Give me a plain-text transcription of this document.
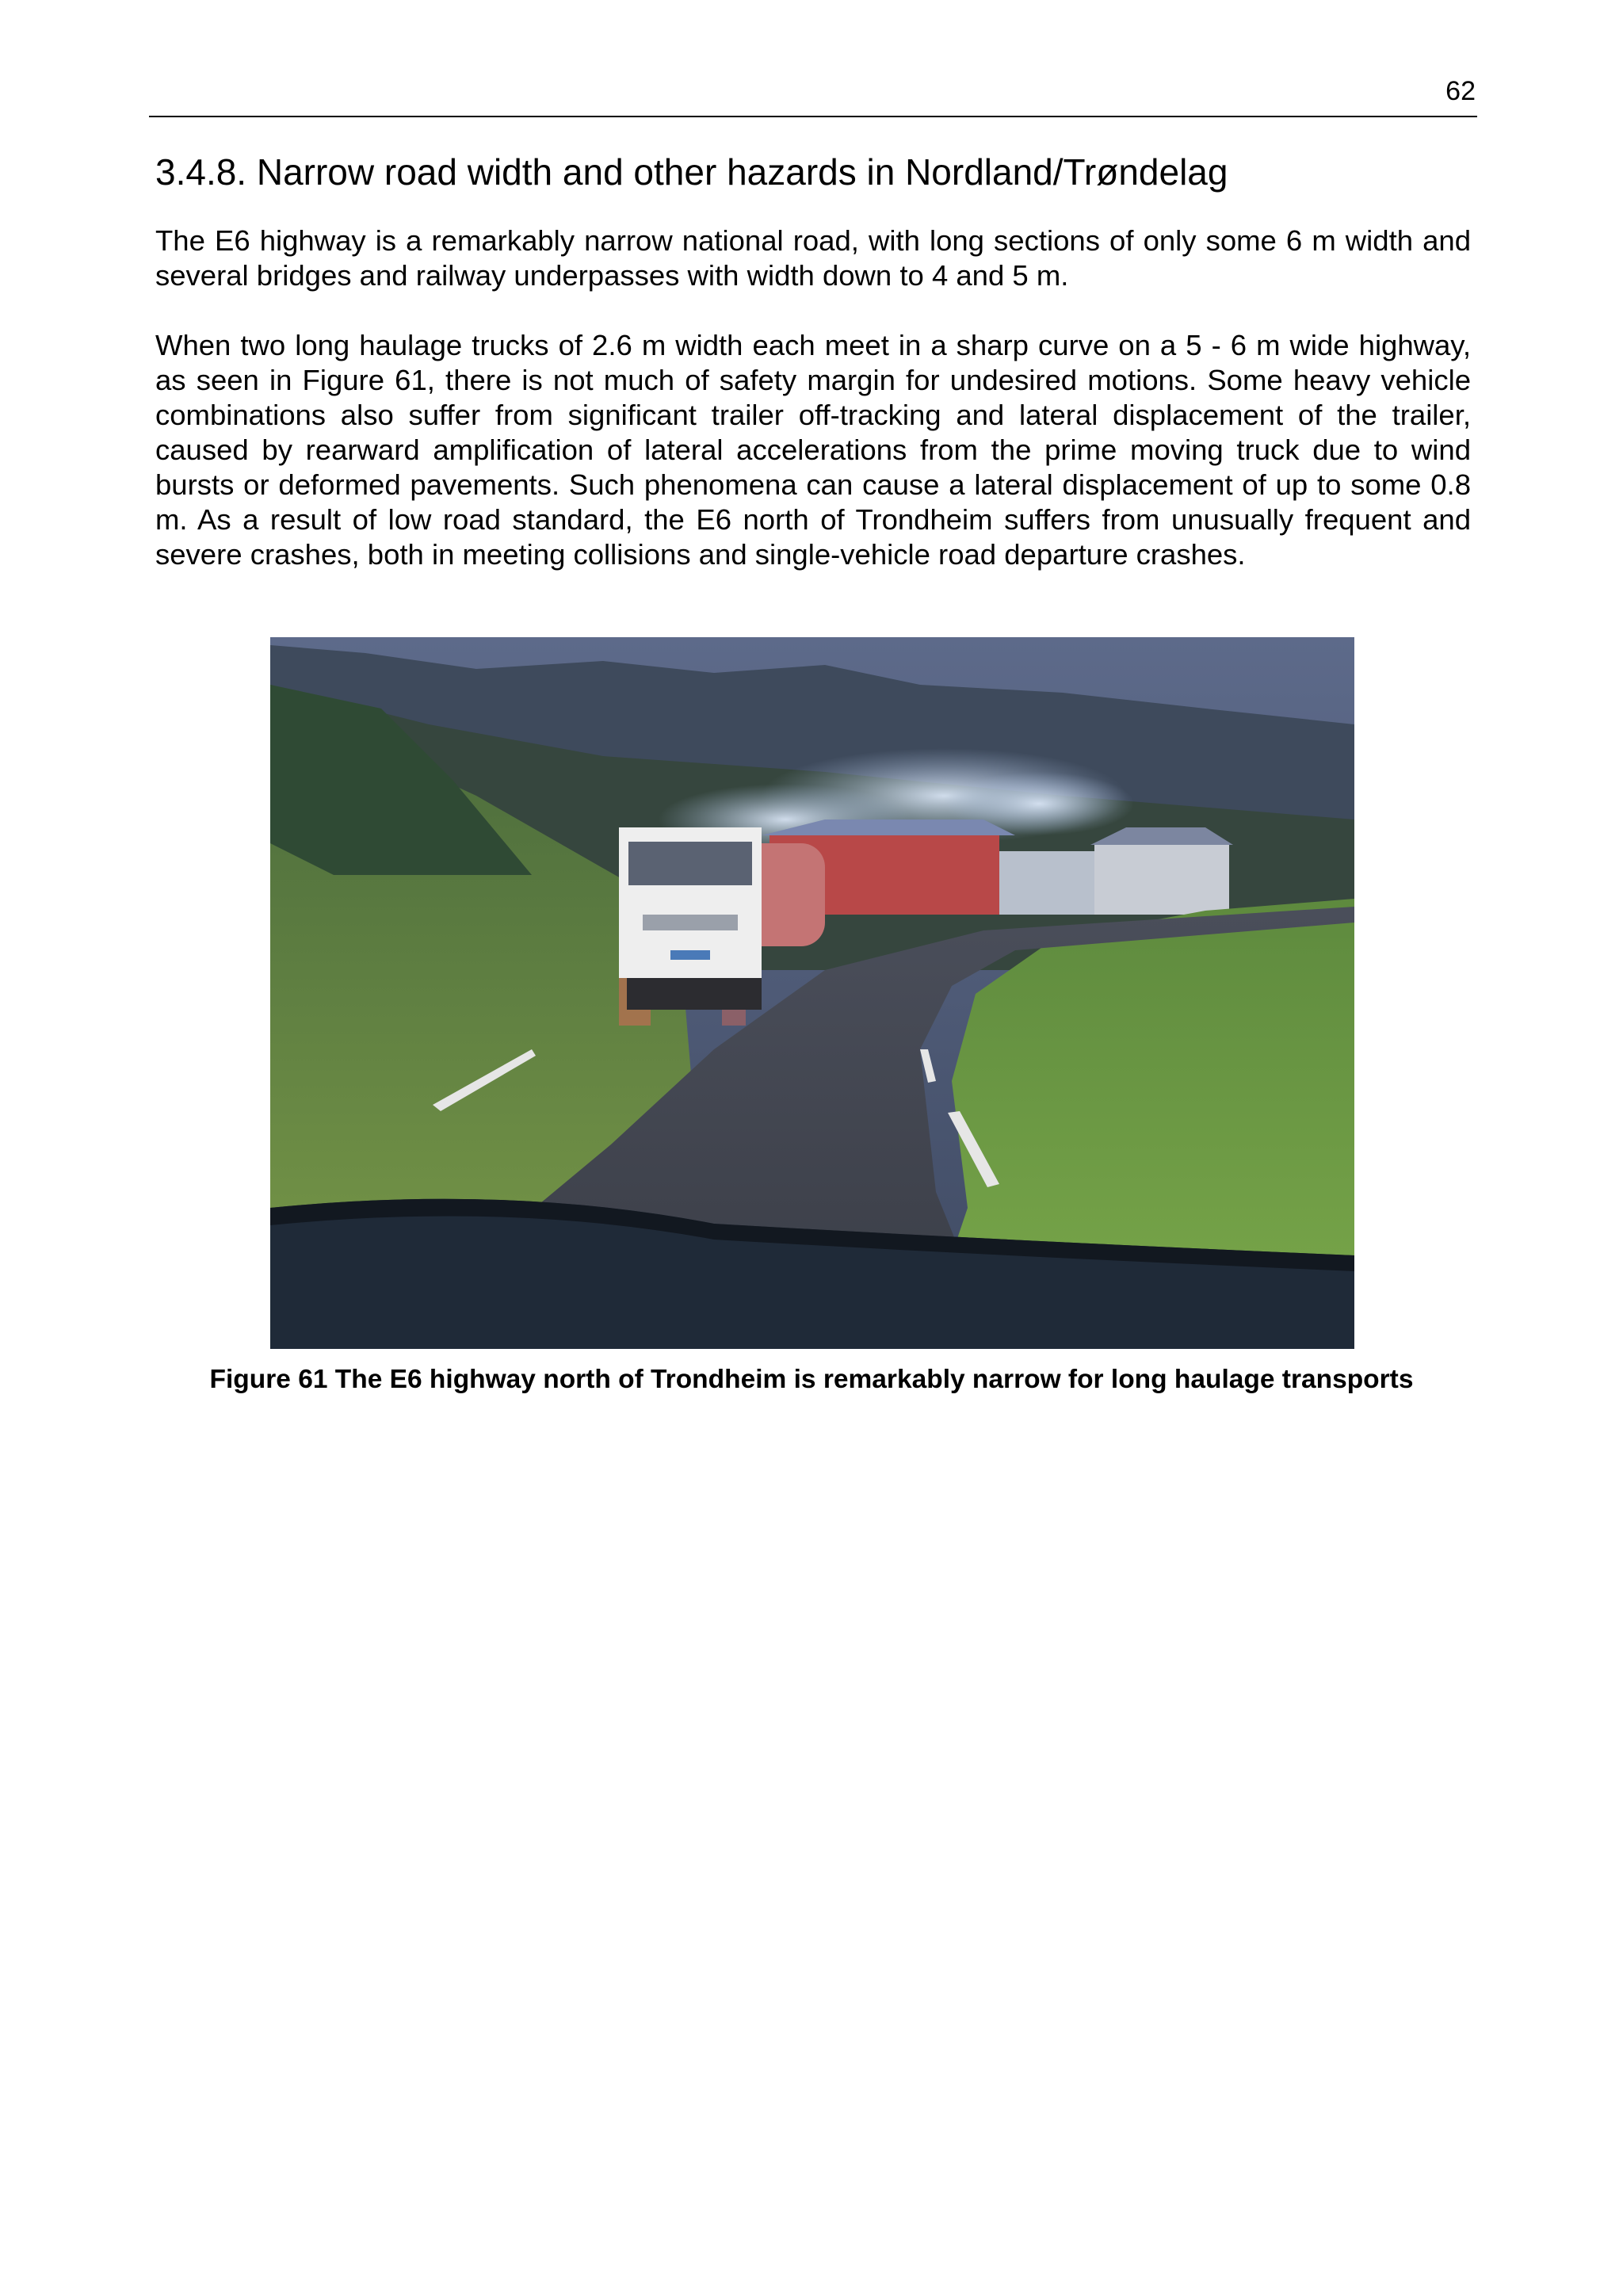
62
3.4.8. Narrow road width and other hazards in Nordland/Trøndelag

The E6 highway is a remarkably narrow national road, with long sections of only some 6 m width and several bridges and railway underpasses with width down to 4 and 5 m.

When two long haulage trucks of 2.6 m width each meet in a sharp curve on a 5 - 6 m wide highway, as seen in Figure 61, there is not much of safety margin for undesired motions. Some heavy vehicle combinations also suffer from significant trailer off-tracking and lateral displacement of the trailer, caused by rearward amplification of lateral accelerations from the prime moving truck due to wind bursts or deformed pavements. Such phenomena can cause a lateral displacement of up to some 0.8 m. As a result of low road standard, the E6 north of Trondheim suffers from unusually frequent and severe crashes, both in meeting collisions and single-vehicle road departure crashes.

Figure 61 The E6 highway north of Trondheim is remarkably narrow for long haulage transports
